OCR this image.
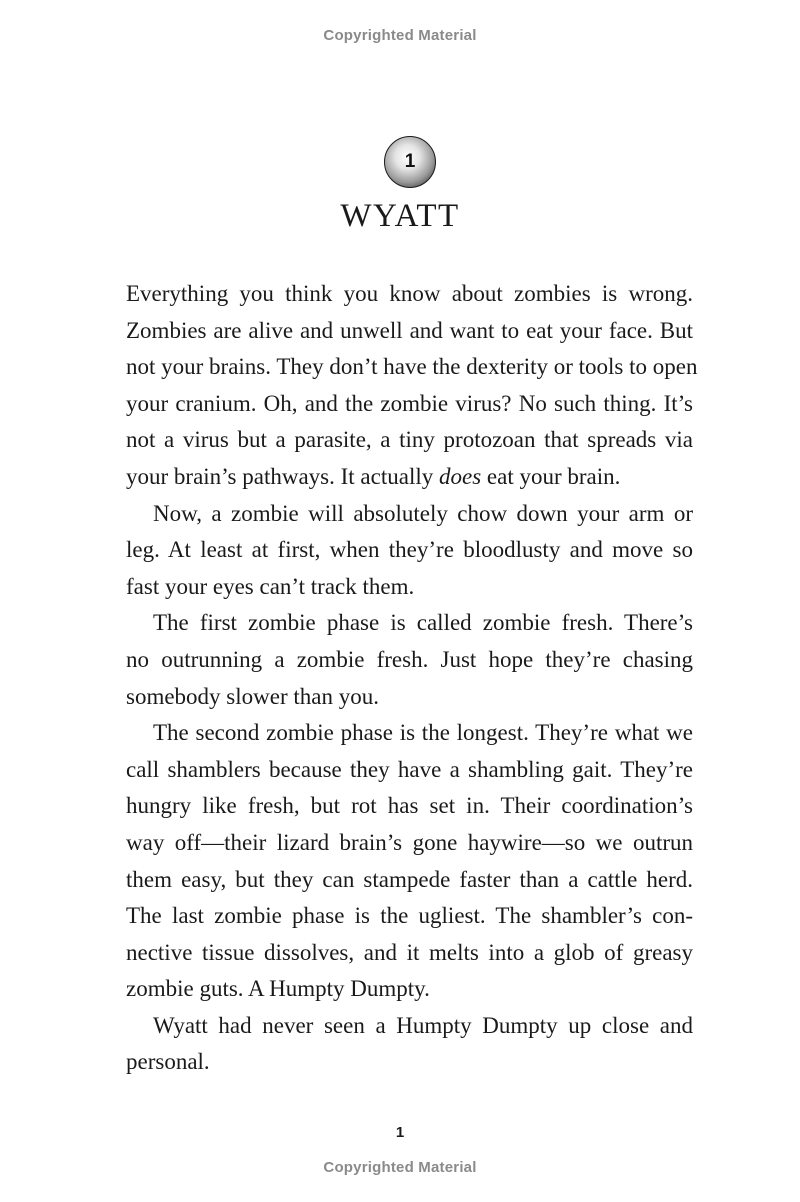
Copyrighted Material
1
WYATT
Everything you think you know about zombies is wrong.
Zombies are alive and unwell and want to eat your face. But
not your brains. They don’t have the dexterity or tools to open
your cranium. Oh, and the zombie virus? No such thing. It’s
not a virus but a parasite, a tiny protozoan that spreads via
your brain’s pathways. It actually does eat your brain.
Now, a zombie will absolutely chow down your arm or
leg. At least at first, when they’re bloodlusty and move so
fast your eyes can’t track them.
The first zombie phase is called zombie fresh. There’s
no outrunning a zombie fresh. Just hope they’re chasing
somebody slower than you.
The second zombie phase is the longest. They’re what we
call shamblers because they have a shambling gait. They’re
hungry like fresh, but rot has set in. Their coordination’s
way off—their lizard brain’s gone haywire—so we outrun
them easy, but they can stampede faster than a cattle herd.
The last zombie phase is the ugliest. The shambler’s con-
nective tissue dissolves, and it melts into a glob of greasy
zombie guts. A Humpty Dumpty.
Wyatt had never seen a Humpty Dumpty up close and
personal.
1
Copyrighted Material
